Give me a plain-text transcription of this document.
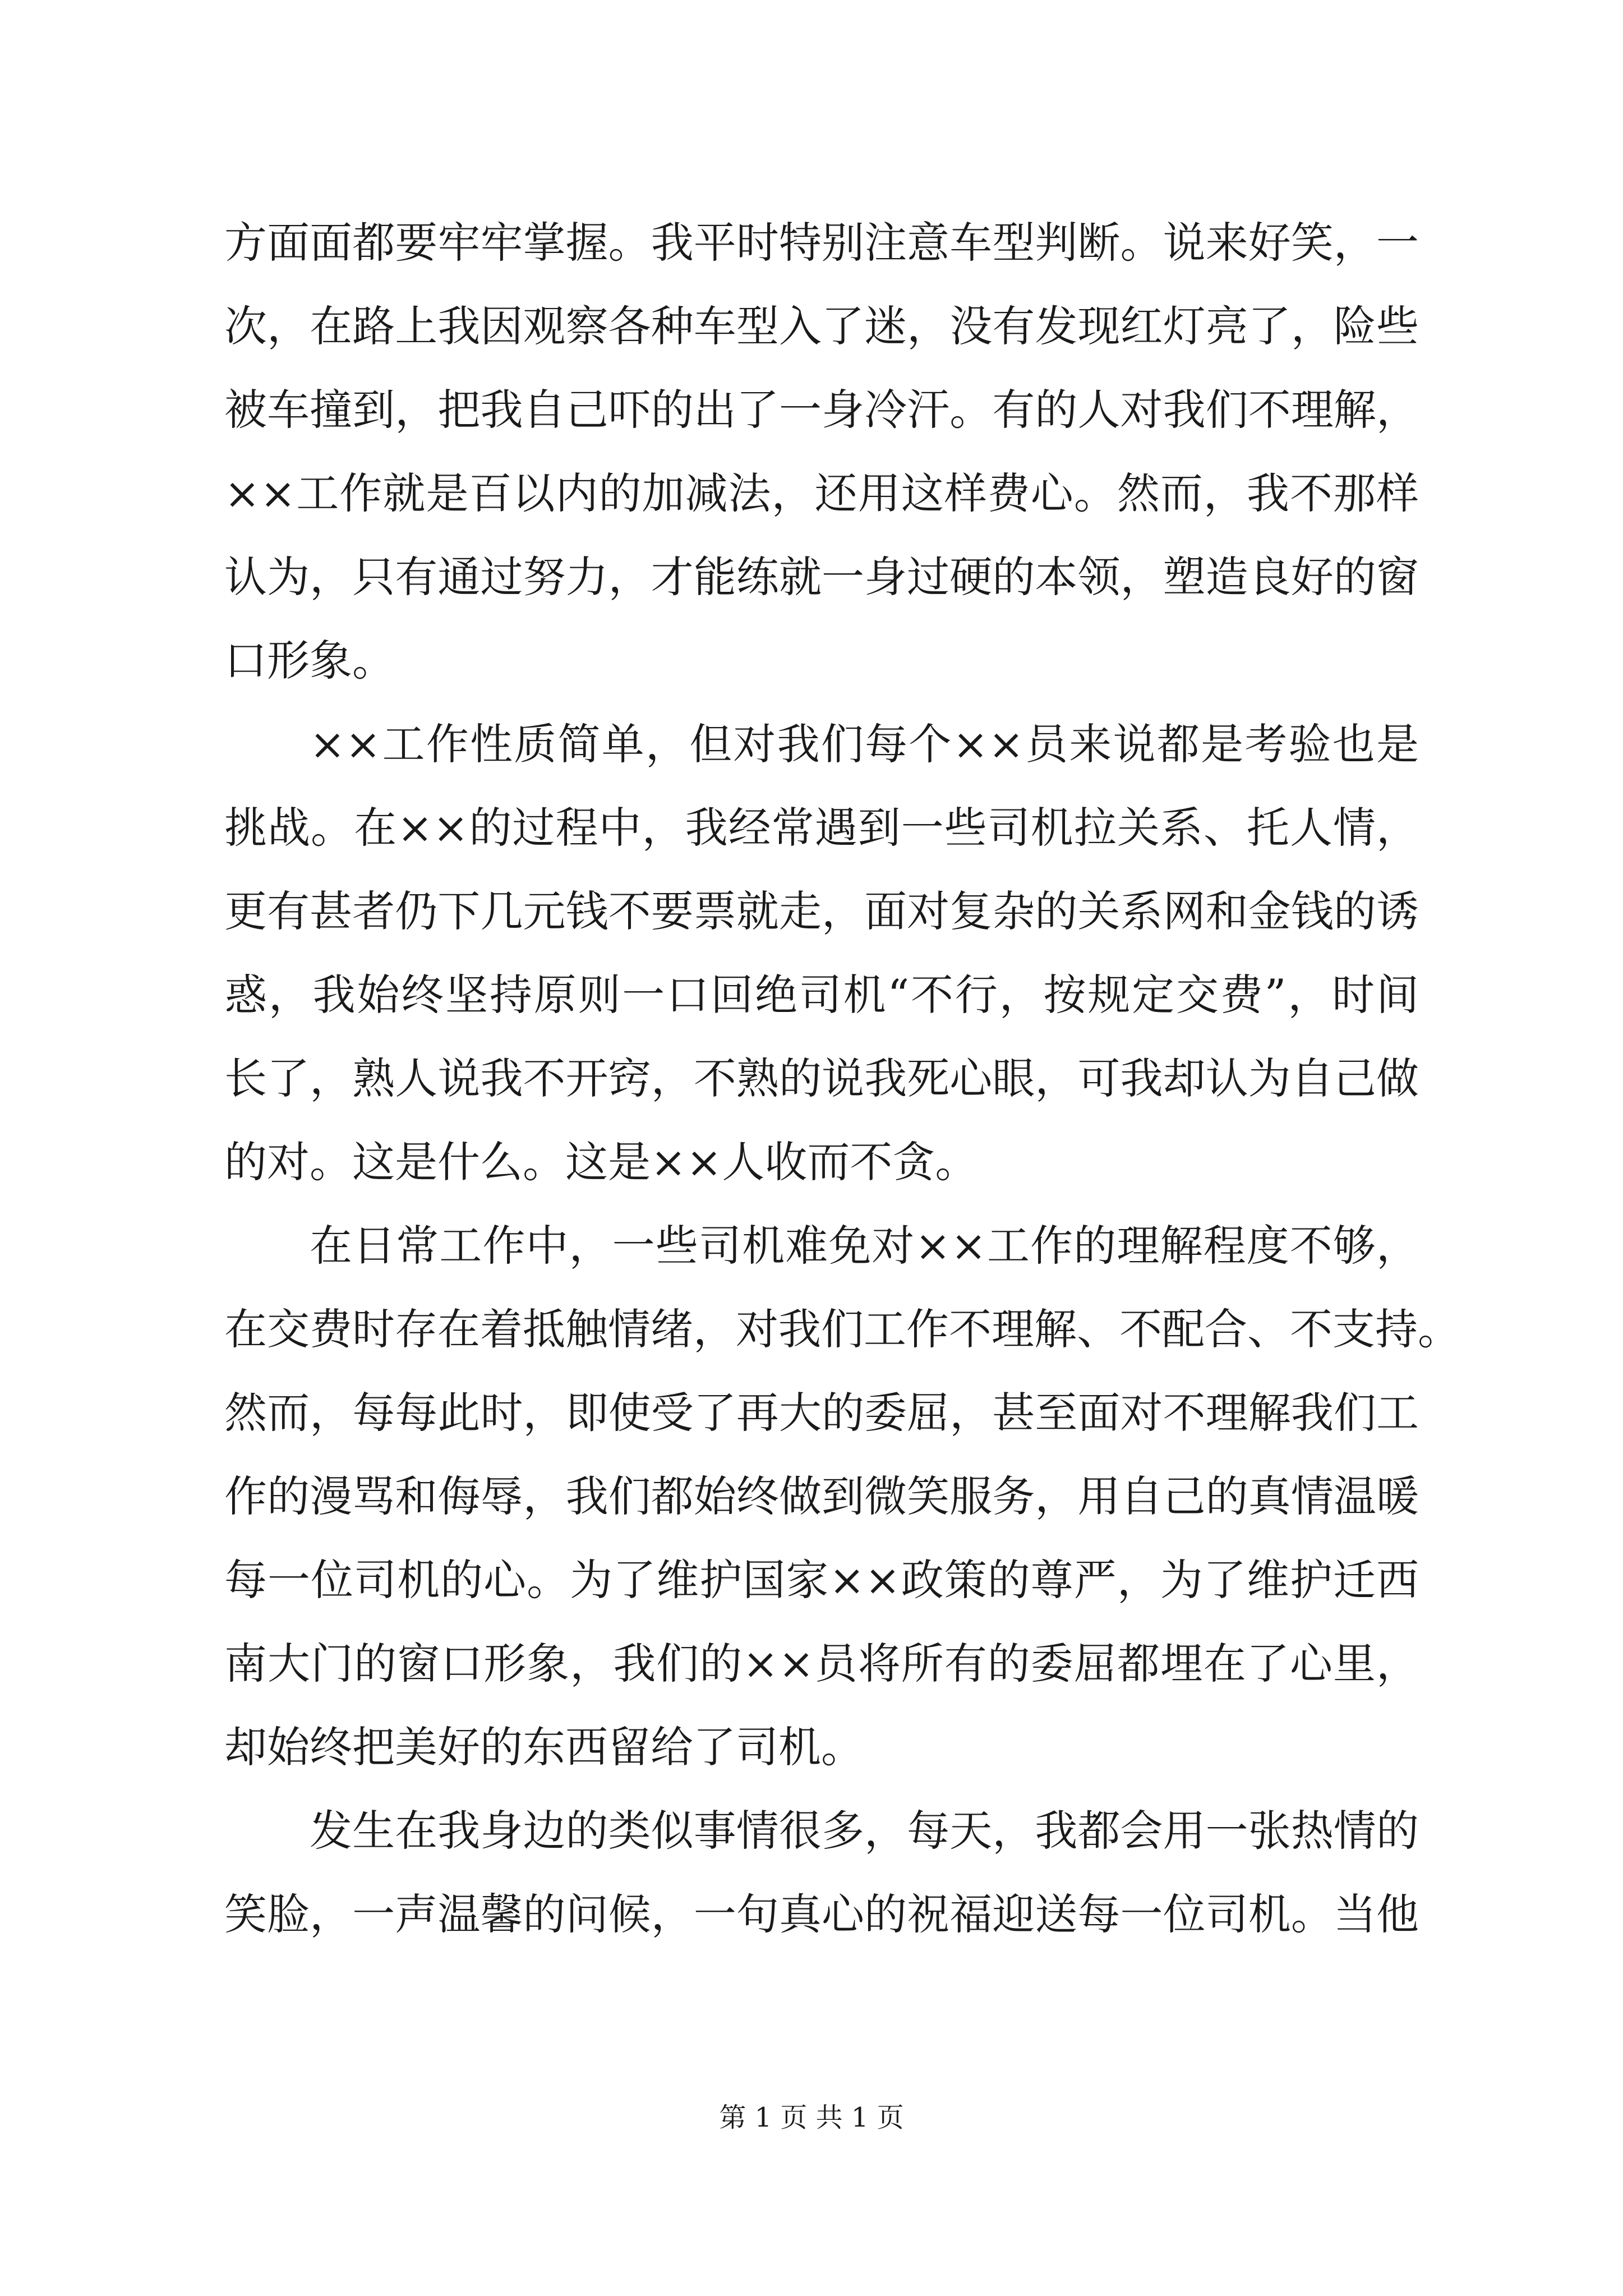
方面面都要牢牢掌握。我平时特别注意车型判断。说来好笑，一
次，在路上我因观察各种车型入了迷，没有发现红灯亮了，险些
被车撞到，把我自己吓的出了一身冷汗。有的人对我们不理解，
××工作就是百以内的加减法，还用这样费心。然而，我不那样
认为，只有通过努力，才能练就一身过硬的本领，塑造良好的窗
口形象。
××工作性质简单，但对我们每个××员来说都是考验也是
挑战。在××的过程中，我经常遇到一些司机拉关系、托人情，
更有甚者仍下几元钱不要票就走，面对复杂的关系网和金钱的诱
惑，我始终坚持原则一口回绝司机“不行，按规定交费”，时间
长了，熟人说我不开窍，不熟的说我死心眼，可我却认为自己做
的对。这是什么。这是××人收而不贪。
在日常工作中，一些司机难免对××工作的理解程度不够，
在交费时存在着抵触情绪，对我们工作不理解、不配合、不支持。
然而，每每此时，即使受了再大的委屈，甚至面对不理解我们工
作的漫骂和侮辱，我们都始终做到微笑服务，用自己的真情温暖
每一位司机的心。为了维护国家××政策的尊严，为了维护迁西
南大门的窗口形象，我们的××员将所有的委屈都埋在了心里，
却始终把美好的东西留给了司机。
发生在我身边的类似事情很多，每天，我都会用一张热情的
笑脸，一声温馨的问候，一句真心的祝福迎送每一位司机。当他
第 1 页 共 1 页
